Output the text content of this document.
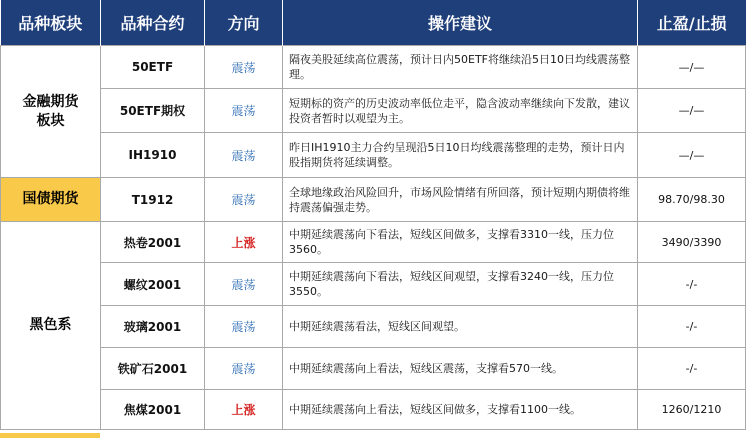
品种板块	品种合约	方向	操作建议	止盈/止损
金融期货板块	50ETF	震荡	隔夜美股延续高位震荡，预计日内50ETF将继续沿5日10日均线震荡整理。	—/—
	50ETF期权	震荡	短期标的资产的历史波动率低位走平，隐含波动率继续向下发散，建议投资者暂时以观望为主。	—/—
	IH1910	震荡	昨日IH1910主力合约呈现沿5日10日均线震荡整理的走势，预计日内股指期货将延续调整。	—/—
国债期货	T1912	震荡	全球地缘政治风险回升，市场风险情绪有所回落，预计短期内期债将维持震荡偏强走势。	98.70/98.30
黑色系	热卷2001	上涨	中期延续震荡向下看法，短线区间做多，支撑看3310一线，压力位3560。	3490/3390
	螺纹2001	震荡	中期延续震荡向下看法，短线区间观望，支撑看3240一线，压力位3550。	-/-
	玻璃2001	震荡	中期延续震荡看法，短线区间观望。	-/-
	铁矿石2001	震荡	中期延续震荡向上看法，短线区震荡，支撑看570一线。	-/-
	焦煤2001	上涨	中期延续震荡向上看法，短线区间做多，支撑看1100一线。	1260/1210
